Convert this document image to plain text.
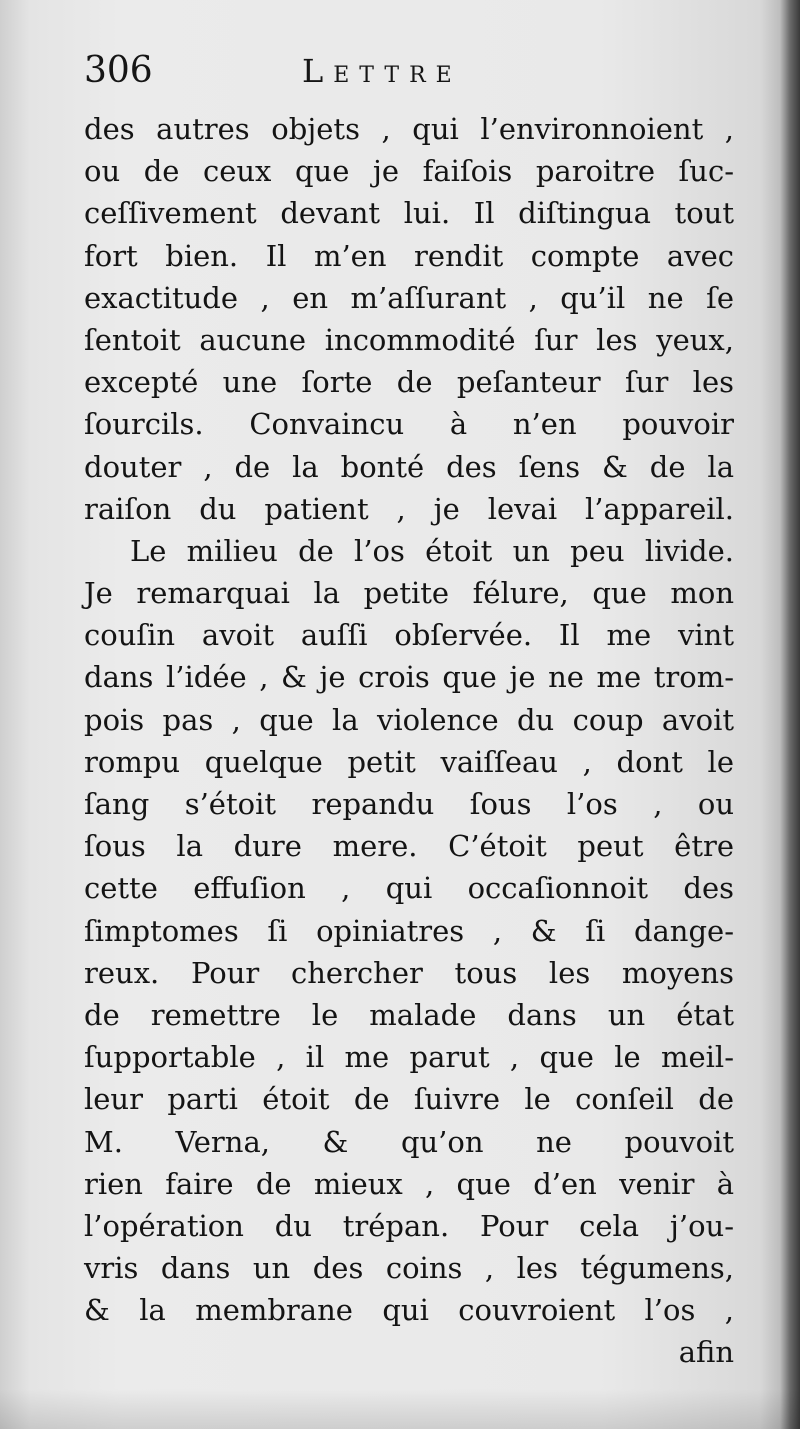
306	Lettre
des autres objets , qui l’environnoient ,
ou de ceux que je faiſois paroitre ſuc-
ceſſivement devant lui. Il diſtingua tout
fort bien. Il m’en rendit compte avec
exactitude , en m’aſſurant , qu’il ne ſe
ſentoit aucune incommodité ſur les yeux,
excepté une ſorte de peſanteur ſur les
ſourcils. Convaincu à n’en pouvoir
douter , de la bonté des ſens & de la
raiſon du patient , je levai l’appareil.
Le milieu de l’os étoit un peu livide.
Je remarquai la petite félure, que mon
couſin avoit auſſi obſervée. Il me vint
dans l’idée , & je crois que je ne me trom-
pois pas , que la violence du coup avoit
rompu quelque petit vaiſſeau , dont le
ſang s’étoit repandu ſous l’os , ou
ſous la dure mere. C’étoit peut être
cette effuſion , qui occaſionnoit des
ſimptomes ſi opiniatres , & ſi dange-
reux. Pour chercher tous les moyens
de remettre le malade dans un état
ſupportable , il me parut , que le meil-
leur parti étoit de ſuivre le conſeil de
M. Verna, & qu’on ne pouvoit
rien faire de mieux , que d’en venir à
l’opération du trépan. Pour cela j’ou-
vris dans un des coins , les tégumens,
& la membrane qui couvroient l’os ,
afin
